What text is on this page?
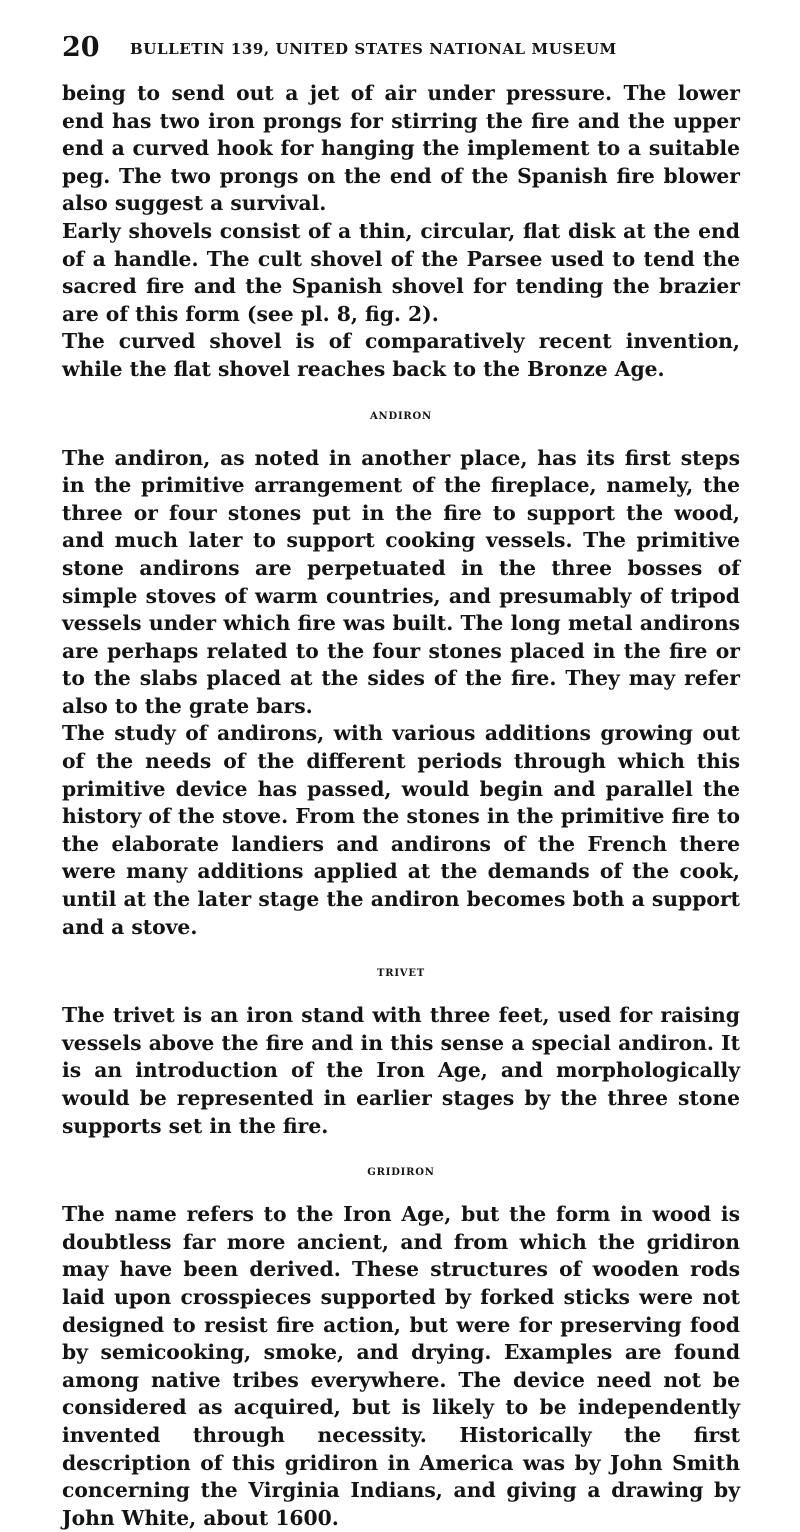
20 BULLETIN 139, UNITED STATES NATIONAL MUSEUM

being to send out a jet of air under pressure. The lower end has two iron prongs for stirring the fire and the upper end a curved hook for hanging the implement to a suitable peg. The two prongs on the end of the Spanish fire blower also suggest a survival.

Early shovels consist of a thin, circular, flat disk at the end of a handle. The cult shovel of the Parsee used to tend the sacred fire and the Spanish shovel for tending the brazier are of this form (see pl. 8, fig. 2).

The curved shovel is of comparatively recent invention, while the flat shovel reaches back to the Bronze Age.

ANDIRON

The andiron, as noted in another place, has its first steps in the primitive arrangement of the fireplace, namely, the three or four stones put in the fire to support the wood, and much later to support cooking vessels. The primitive stone andirons are perpetuated in the three bosses of simple stoves of warm countries, and presumably of tripod vessels under which fire was built. The long metal andirons are perhaps related to the four stones placed in the fire or to the slabs placed at the sides of the fire. They may refer also to the grate bars.

The study of andirons, with various additions growing out of the needs of the different periods through which this primitive device has passed, would begin and parallel the history of the stove. From the stones in the primitive fire to the elaborate landiers and andirons of the French there were many additions applied at the demands of the cook, until at the later stage the andiron becomes both a support and a stove.

TRIVET

The trivet is an iron stand with three feet, used for raising vessels above the fire and in this sense a special andiron. It is an introduction of the Iron Age, and morphologically would be represented in earlier stages by the three stone supports set in the fire.

GRIDIRON

The name refers to the Iron Age, but the form in wood is doubtless far more ancient, and from which the gridiron may have been derived. These structures of wooden rods laid upon crosspieces supported by forked sticks were not designed to resist fire action, but were for preserving food by semicooking, smoke, and drying. Examples are found among native tribes everywhere. The device need not be considered as acquired, but is likely to be independently invented through necessity. Historically the first description of this gridiron in America was by John Smith concerning the Virginia Indians, and giving a drawing by John White, about 1600.
